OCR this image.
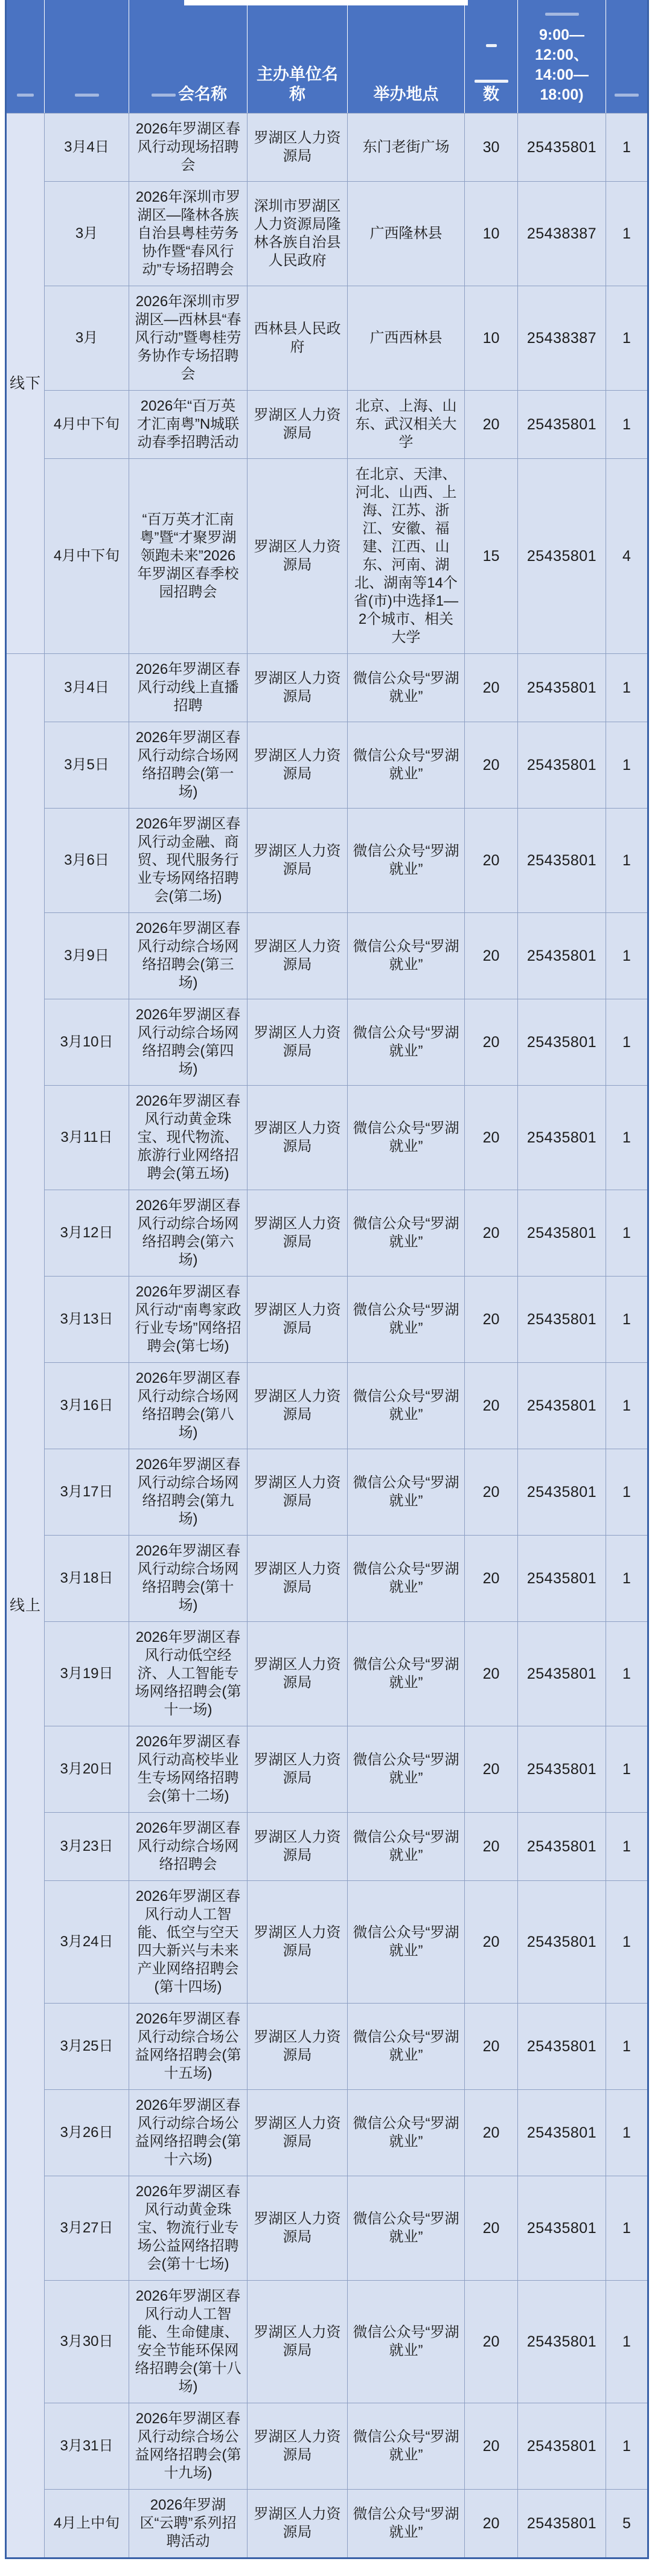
		会名称	主办单位名称	举办地点	数	9:00—12:00、14:00—18:00)	
线下	3月4日	2026年罗湖区春风行动现场招聘会	罗湖区人力资源局	东门老街广场	30	25435801	1
	3月	2026年深圳市罗湖区—隆林各族自治县粤桂劳务协作暨“春风行动”专场招聘会	深圳市罗湖区人力资源局隆林各族自治县人民政府	广西隆林县	10	25438387	1
	3月	2026年深圳市罗湖区—西林县“春风行动”暨粤桂劳务协作专场招聘会	西林县人民政府	广西西林县	10	25438387	1
	4月中下旬	2026年“百万英才汇南粤”N城联动春季招聘活动	罗湖区人力资源局	北京、上海、山东、武汉相关大学	20	25435801	1
	4月中下旬	“百万英才汇南粤”暨“才聚罗湖领跑未来”2026年罗湖区春季校园招聘会	罗湖区人力资源局	在北京、天津、河北、山西、上海、江苏、浙江、安徽、福建、江西、山东、河南、湖北、湖南等14个省(市)中选择1—2个城市、相关大学	15	25435801	4
线上	3月4日	2026年罗湖区春风行动线上直播招聘	罗湖区人力资源局	微信公众号“罗湖就业”	20	25435801	1
	3月5日	2026年罗湖区春风行动综合场网络招聘会(第一场)	罗湖区人力资源局	微信公众号“罗湖就业”	20	25435801	1
	3月6日	2026年罗湖区春风行动金融、商贸、现代服务行业专场网络招聘会(第二场)	罗湖区人力资源局	微信公众号“罗湖就业”	20	25435801	1
	3月9日	2026年罗湖区春风行动综合场网络招聘会(第三场)	罗湖区人力资源局	微信公众号“罗湖就业”	20	25435801	1
	3月10日	2026年罗湖区春风行动综合场网络招聘会(第四场)	罗湖区人力资源局	微信公众号“罗湖就业”	20	25435801	1
	3月11日	2026年罗湖区春风行动黄金珠宝、现代物流、旅游行业网络招聘会(第五场)	罗湖区人力资源局	微信公众号“罗湖就业”	20	25435801	1
	3月12日	2026年罗湖区春风行动综合场网络招聘会(第六场)	罗湖区人力资源局	微信公众号“罗湖就业”	20	25435801	1
	3月13日	2026年罗湖区春风行动“南粤家政行业专场”网络招聘会(第七场)	罗湖区人力资源局	微信公众号“罗湖就业”	20	25435801	1
	3月16日	2026年罗湖区春风行动综合场网络招聘会(第八场)	罗湖区人力资源局	微信公众号“罗湖就业”	20	25435801	1
	3月17日	2026年罗湖区春风行动综合场网络招聘会(第九场)	罗湖区人力资源局	微信公众号“罗湖就业”	20	25435801	1
	3月18日	2026年罗湖区春风行动综合场网络招聘会(第十场)	罗湖区人力资源局	微信公众号“罗湖就业”	20	25435801	1
	3月19日	2026年罗湖区春风行动低空经济、人工智能专场网络招聘会(第十一场)	罗湖区人力资源局	微信公众号“罗湖就业”	20	25435801	1
	3月20日	2026年罗湖区春风行动高校毕业生专场网络招聘会(第十二场)	罗湖区人力资源局	微信公众号“罗湖就业”	20	25435801	1
	3月23日	2026年罗湖区春风行动综合场网络招聘会	罗湖区人力资源局	微信公众号“罗湖就业”	20	25435801	1
	3月24日	2026年罗湖区春风行动人工智能、低空与空天四大新兴与未来产业网络招聘会(第十四场)	罗湖区人力资源局	微信公众号“罗湖就业”	20	25435801	1
	3月25日	2026年罗湖区春风行动综合场公益网络招聘会(第十五场)	罗湖区人力资源局	微信公众号“罗湖就业”	20	25435801	1
	3月26日	2026年罗湖区春风行动综合场公益网络招聘会(第十六场)	罗湖区人力资源局	微信公众号“罗湖就业”	20	25435801	1
	3月27日	2026年罗湖区春风行动黄金珠宝、物流行业专场公益网络招聘会(第十七场)	罗湖区人力资源局	微信公众号“罗湖就业”	20	25435801	1
	3月30日	2026年罗湖区春风行动人工智能、生命健康、安全节能环保网络招聘会(第十八场)	罗湖区人力资源局	微信公众号“罗湖就业”	20	25435801	1
	3月31日	2026年罗湖区春风行动综合场公益网络招聘会(第十九场)	罗湖区人力资源局	微信公众号“罗湖就业”	20	25435801	1
	4月上中旬	2026年罗湖区“云聘”系列招聘活动	罗湖区人力资源局	微信公众号“罗湖就业”	20	25435801	5
